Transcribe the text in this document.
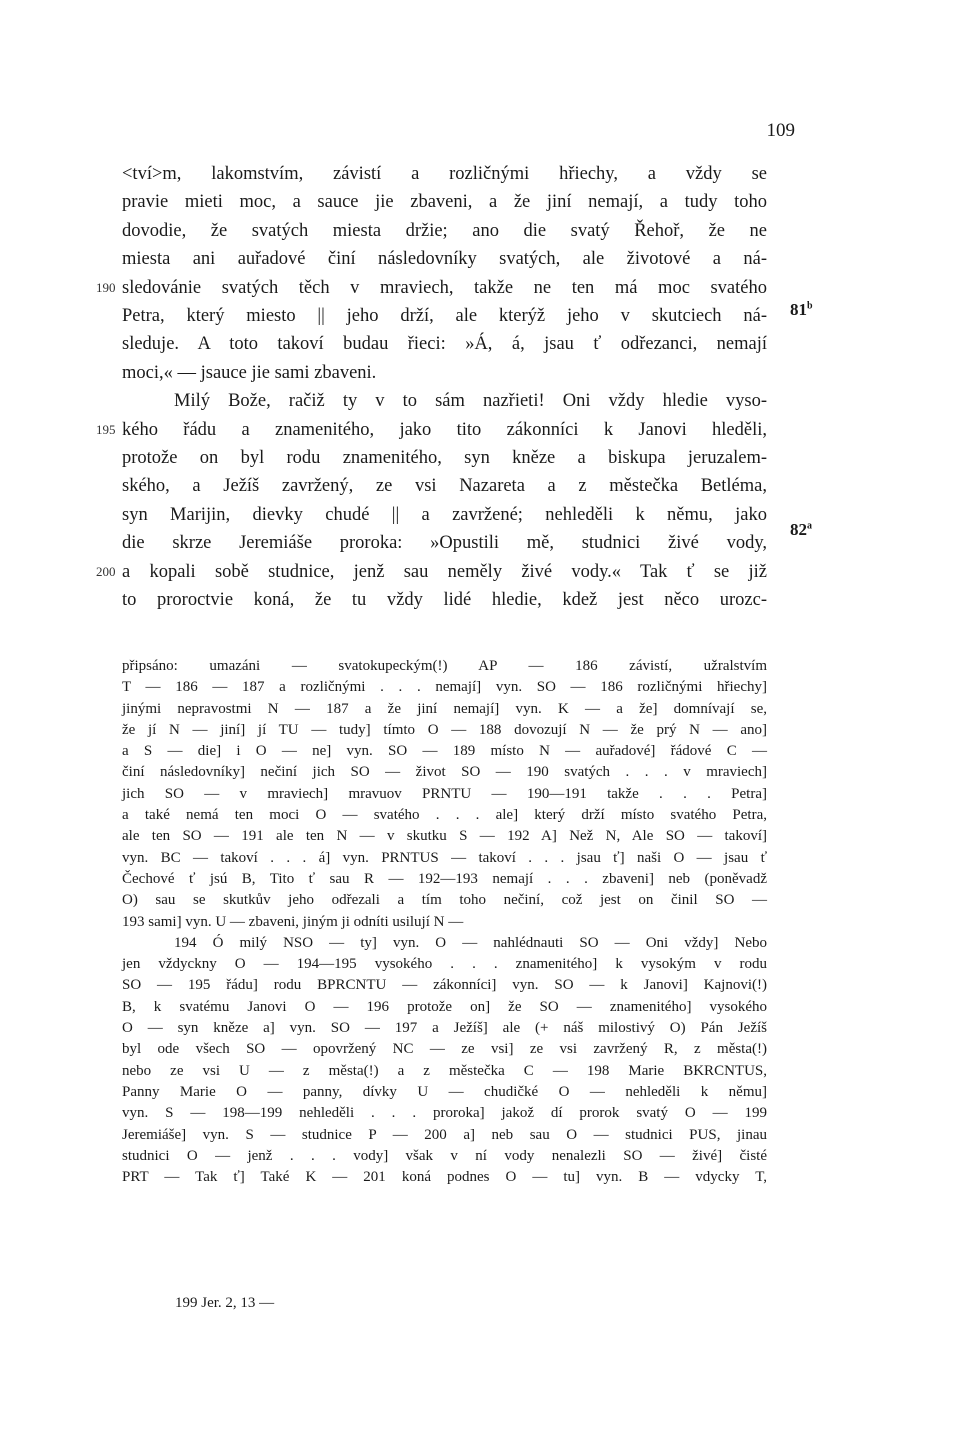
109
<tví>m, lakomstvím, závistí a rozličnými hřiechy, a vždy se
pravie mieti moc, a sauce jie zbaveni, a že jiní nemají, a tudy toho
dovodie, že svatých miesta držie; ano die svatý Řehoř, že ne
miesta ani auřadové činí následovníky svatých, ale životové a ná-
190 sledovánie svatých těch v mraviech, takže ne ten má moc svatého
Petra, který miesto || jeho drží, ale kterýž jeho v skutciech ná-
sleduje. A toto takoví budau řieci: »Á, á, jsau ť odřezanci, nemají
moci,« — jsauce jie sami zbaveni.
Milý Bože, račiž ty v to sám nazřieti! Oni vždy hledie vyso-
195 kého řádu a znamenitého, jako tito zákonníci k Janovi hleděli,
protože on byl rodu znamenitého, syn kněze a biskupa jeruzalem-
ského, a Ježíš zavržený, ze vsi Nazareta a z městečka Betléma,
syn Marijin, dievky chudé || a zavržené; nehleděli k němu, jako
die skrze Jeremiáše proroka: »Opustili mě, studnici živé vody,
200 a kopali sobě studnice, jenž sau neměly živé vody.« Tak ť se již
to proroctvie koná, že tu vždy lidé hledie, kdež jest něco urozc-
81$^b$
82$^a$
připsáno: umazáni — svatokupeckým(!) AP — 186 závistí, užralstvím
T — 186 — 187 a rozličnými . . . nemají] vyn. SO — 186 rozličnými hřiechy]
jinými nepravostmi N — 187 a že jiní nemají] vyn. K — a že] domnívají se,
že jí N — jiní] jí TU — tudy] tímto O — 188 dovozují N — že prý N — ano]
a S — die] i O — ne] vyn. SO — 189 místo N — auřadové] řádové C —
činí následovníky] nečiní jich SO — život SO — 190 svatých . . . v mraviech]
jich SO — v mraviech] mravuov PRNTU — 190—191 takže . . . Petra]
a také nemá ten moci O — svatého . . . ale] který drží místo svatého Petra,
ale ten SO — 191 ale ten N — v skutku S — 192 A] Než N, Ale SO — takoví]
vyn. BC — takoví . . . á] vyn. PRNTUS — takoví . . . jsau ť] naši O — jsau ť
Čechové ť jsú B, Tito ť sau R — 192—193 nemají . . . zbaveni] neb (poněvadž
O) sau se skutkův jeho odřezali a tím toho nečiní, což jest on činil SO —
193 sami] vyn. U — zbaveni, jiným ji odníti usilují N —
194 Ó milý NSO — ty] vyn. O — nahlédnauti SO — Oni vždy] Nebo
jen vždyckny O — 194—195 vysokého . . . znamenitého] k vysokým v rodu
SO — 195 řádu] rodu BPRCNTU — zákonníci] vyn. SO — k Janovi] Kajnovi(!)
B, k svatému Janovi O — 196 protože on] že SO — znamenitého] vysokého
O — syn kněze a] vyn. SO — 197 a Ježíš] ale (+ náš milostivý O) Pán Ježíš
byl ode všech SO — opovržený NC — ze vsi] ze vsi zavržený R, z města(!)
nebo ze vsi U — z města(!) a z městečka C — 198 Marie BKRCNTUS,
Panny Marie O — panny, dívky U — chudičké O — nehleděli k němu]
vyn. S — 198—199 nehleděli . . . proroka] jakož dí prorok svatý O — 199
Jeremiáše] vyn. S — studnice P — 200 a] neb sau O — studnici PUS, jinau
studnici O — jenž . . . vody] však v ní vody nenalezli SO — živé] čisté
PRT — Tak ť] Také K — 201 koná podnes O — tu] vyn. B — vdycky T,
199 Jer. 2, 13 —
